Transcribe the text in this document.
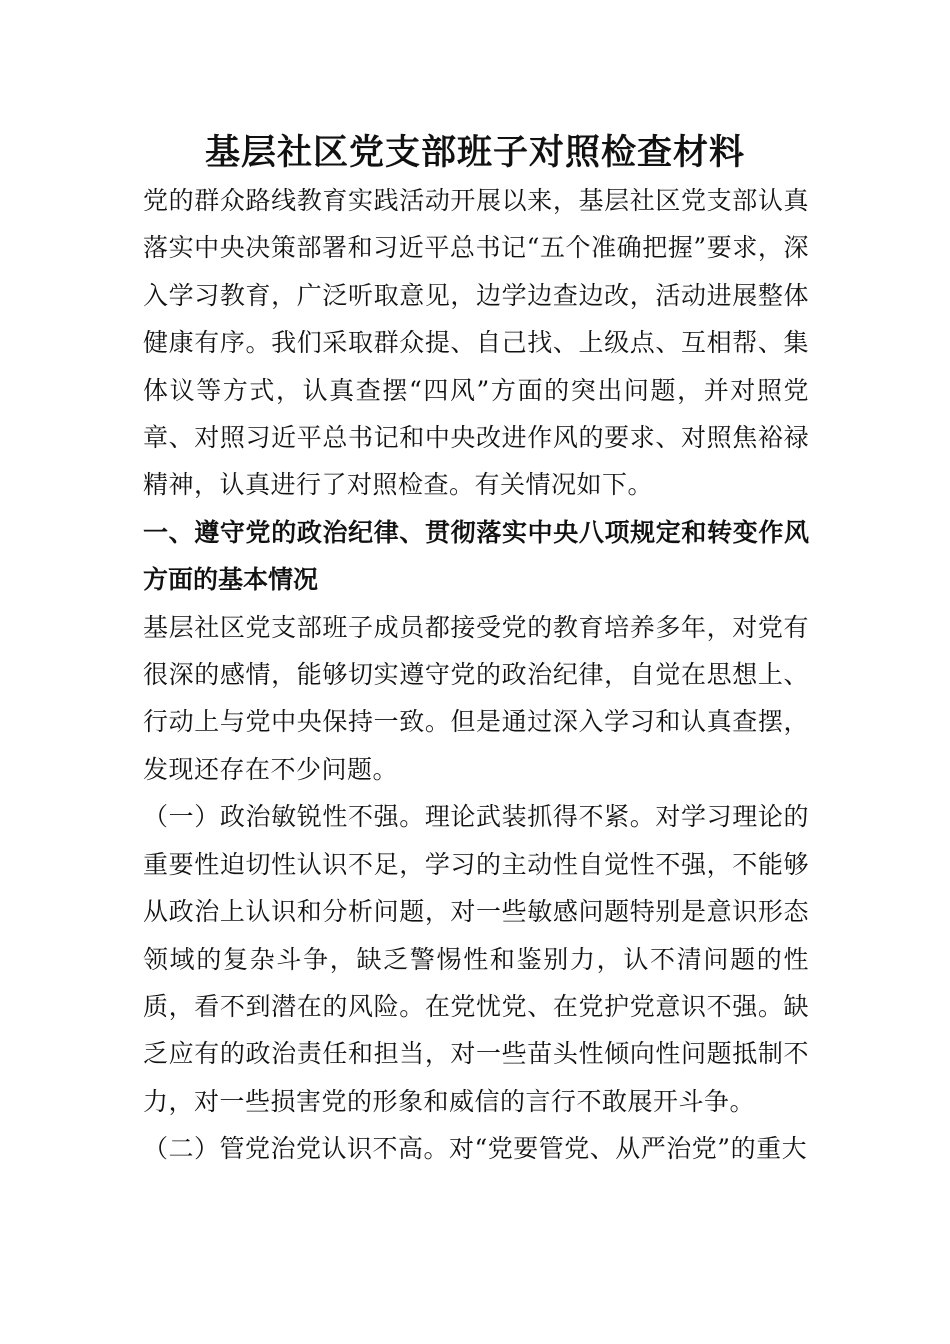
基层社区党支部班子对照检查材料

党的群众路线教育实践活动开展以来，基层社区党支部认真落实中央决策部署和习近平总书记“五个准确把握”要求，深入学习教育，广泛听取意见，边学边查边改，活动进展整体健康有序。我们采取群众提、自己找、上级点、互相帮、集体议等方式，认真查摆“四风”方面的突出问题，并对照党章、对照习近平总书记和中央改进作风的要求、对照焦裕禄精神，认真进行了对照检查。有关情况如下。

一、遵守党的政治纪律、贯彻落实中央八项规定和转变作风方面的基本情况

基层社区党支部班子成员都接受党的教育培养多年，对党有很深的感情，能够切实遵守党的政治纪律，自觉在思想上、行动上与党中央保持一致。但是通过深入学习和认真查摆，发现还存在不少问题。

（一）政治敏锐性不强。理论武装抓得不紧。对学习理论的重要性迫切性认识不足，学习的主动性自觉性不强，不能够从政治上认识和分析问题，对一些敏感问题特别是意识形态领域的复杂斗争，缺乏警惕性和鉴别力，认不清问题的性质，看不到潜在的风险。在党忧党、在党护党意识不强。缺乏应有的政治责任和担当，对一些苗头性倾向性问题抵制不力，对一些损害党的形象和威信的言行不敢展开斗争。

（二）管党治党认识不高。对“党要管党、从严治党”的重大
